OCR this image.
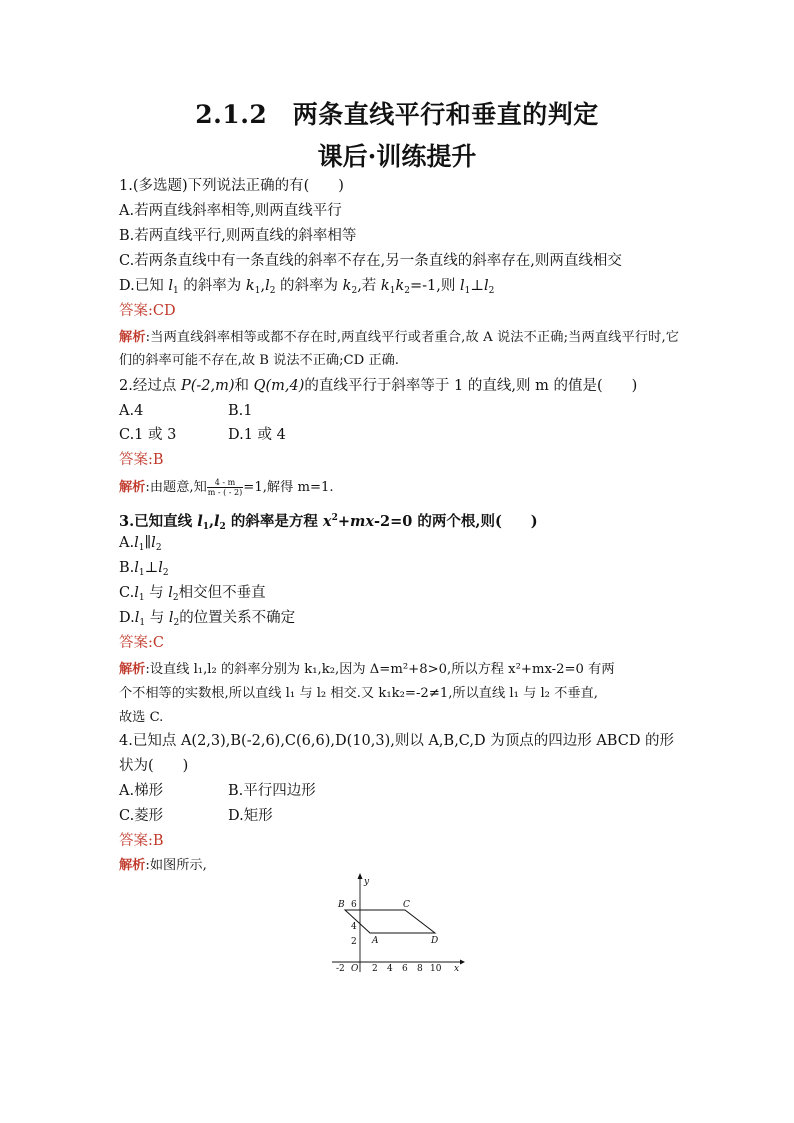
2.1.2　两条直线平行和垂直的判定
课后·训练提升
1.(多选题)下列说法正确的有(　　)
A.若两直线斜率相等,则两直线平行
B.若两直线平行,则两直线的斜率相等
C.若两条直线中有一条直线的斜率不存在,另一条直线的斜率存在,则两直线相交
D.已知 $l_1$ 的斜率为 $k_1,l_2$ 的斜率为 $k_2$,若 $k_1k_2=-1$,则 $l_1\perp l_2$
答案:CD
解析:当两直线斜率相等或都不存在时,两直线平行或者重合,故 A 说法不正确;当两直线平行时,它们的斜率可能不存在,故 B 说法不正确;CD 正确.
2.经过点 P(-2,m)和 Q(m,4)的直线平行于斜率等于 1 的直线,则 m 的值是(　　)
A.4	B.1
C.1 或 3	D.1 或 4
答案:B
解析:由题意,知 $\frac{4 - m}{m - ( - 2)} =1$,解得 m=1.
3.已知直线 $l_1,l_2$ 的斜率是方程 $x^2+mx-2=0$ 的两个根,则(　　)
$A.l_1\parallel l_2$
$B.l_1\perp l_2$
$C.l_1$ 与 $l_2$相交但不垂直
$D.l_1$ 与 $l_2$的位置关系不确定
答案:C
解析:设直线 l₁,l₂ 的斜率分别为 k₁,k₂,因为 Δ=m²+8>0,所以方程 x²+mx-2=0 有两
个不相等的实数根,所以直线 l₁ 与 l₂ 相交.又 k₁k₂=-2≠1,所以直线 l₁ 与 l₂ 不垂直,
故选 C.
4.已知点 A(2,3),B(-2,6),C(6,6),D(10,3),则以 A,B,C,D 为顶点的四边形 ABCD 的形
状为(　　)
A.梯形	B.平行四边形
C.菱形	D.矩形
答案:B
解析:如图所示,
y
x
O
-2	2 4 6 8 10
2
4
6
A
B	C
D
